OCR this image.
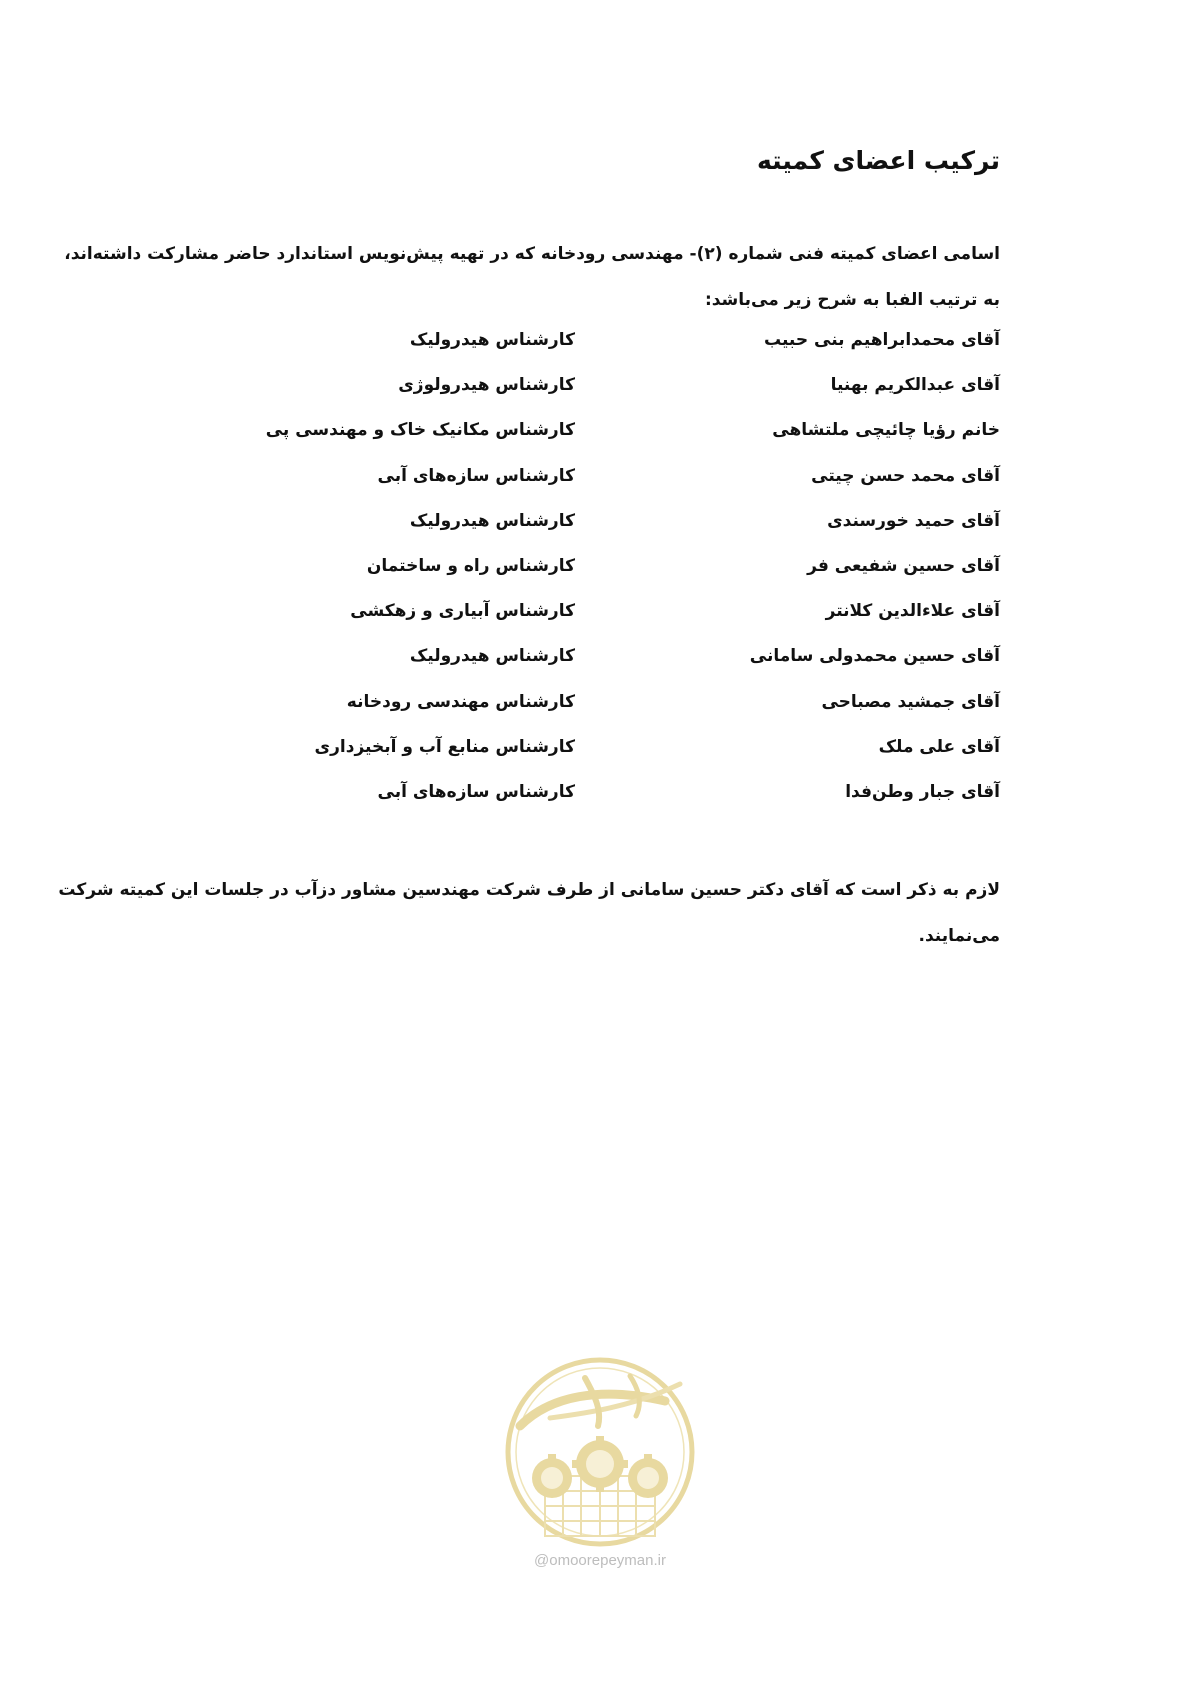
ترکیب اعضای کمیته
اسامی اعضای کمیته فنی شماره (۲)- مهندسی رودخانه که در تهیه پیش‌نویس استاندارد حاضر مشارکت داشته‌اند،
به ترتیب الفبا به شرح زیر می‌باشد:
آقای محمدابراهیم بنی حبیب
کارشناس هیدرولیک
آقای عبدالکریم بهنیا
کارشناس هیدرولوژی
خانم رؤیا چائیچی ملتشاهی
کارشناس مکانیک خاک و مهندسی پی
آقای محمد حسن چیتی
کارشناس سازه‌های آبی
آقای حمید خورسندی
کارشناس هیدرولیک
آقای حسین شفیعی فر
کارشناس راه و ساختمان
آقای علاءالدین کلانتر
کارشناس آبیاری و زهکشی
آقای حسین محمدولی سامانی
کارشناس هیدرولیک
آقای جمشید مصباحی
کارشناس مهندسی رودخانه
آقای علی ملک
کارشناس منابع آب و آبخیزداری
آقای جبار وطن‌فدا
کارشناس سازه‌های آبی
لازم به ذکر است که آقای دکتر حسین سامانی از طرف شرکت مهندسین مشاور دزآب در جلسات این کمیته شرکت
می‌نمایند.
@omoorepeyman.ir
